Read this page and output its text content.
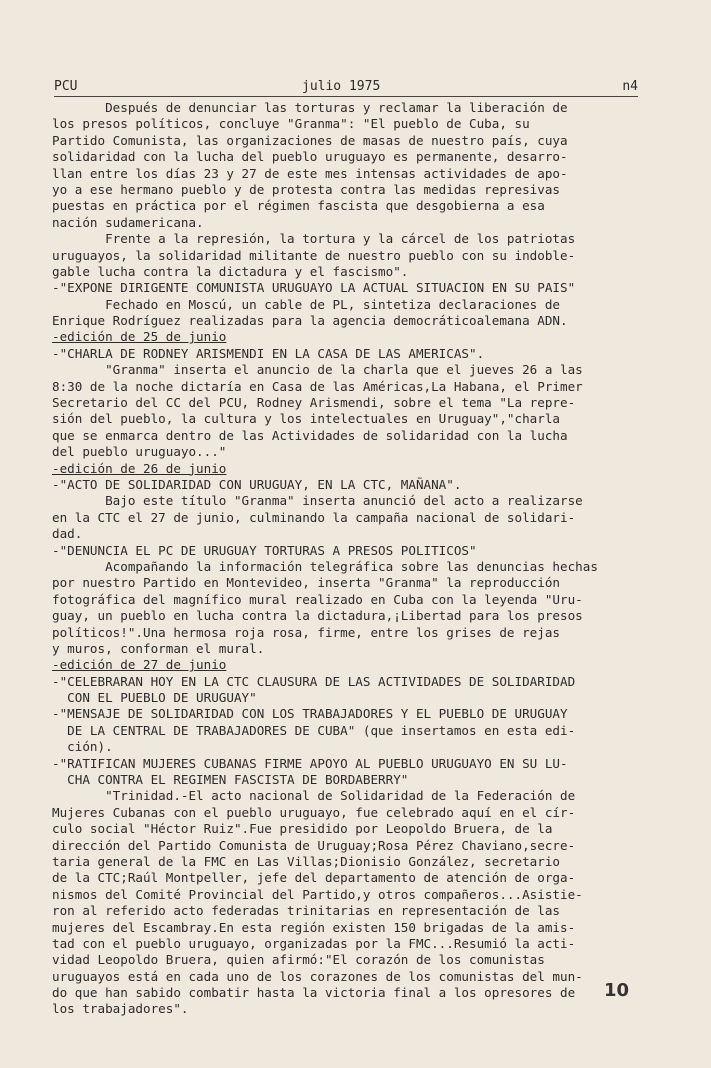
PCU	julio 1975	n4
Después de denunciar las torturas y reclamar la liberación de
los presos políticos, concluye "Granma": "El pueblo de Cuba, su
Partido Comunista, las organizaciones de masas de nuestro país, cuya
solidaridad con la lucha del pueblo uruguayo es permanente, desarro-
llan entre los días 23 y 27 de este mes intensas actividades de apo-
yo a ese hermano pueblo y de protesta contra las medidas represivas
puestas en práctica por el régimen fascista que desgobierna a esa
nación sudamericana.
Frente a la represión, la tortura y la cárcel de los patriotas
uruguayos, la solidaridad militante de nuestro pueblo con su indoble-
gable lucha contra la dictadura y el fascismo".
-"EXPONE DIRIGENTE COMUNISTA URUGUAYO LA ACTUAL SITUACION EN SU PAIS"
Fechado en Moscú, un cable de PL, sintetiza declaraciones de
Enrique Rodríguez realizadas para la agencia democráticoalemana ADN.
-edición de 25 de junio
-"CHARLA DE RODNEY ARISMENDI EN LA CASA DE LAS AMERICAS".
"Granma" inserta el anuncio de la charla que el jueves 26 a las
8:30 de la noche dictaría en Casa de las Américas,La Habana, el Primer
Secretario del CC del PCU, Rodney Arismendi, sobre el tema "La repre-
sión del pueblo, la cultura y los intelectuales en Uruguay","charla
que se enmarca dentro de las Actividades de solidaridad con la lucha
del pueblo uruguayo..."
-edición de 26 de junio
-"ACTO DE SOLIDARIDAD CON URUGUAY, EN LA CTC, MAÑANA".
Bajo este título "Granma" inserta anunció del acto a realizarse
en la CTC el 27 de junio, culminando la campaña nacional de solidari-
dad.
-"DENUNCIA EL PC DE URUGUAY TORTURAS A PRESOS POLITICOS"
Acompañando la información telegráfica sobre las denuncias hechas
por nuestro Partido en Montevideo, inserta "Granma" la reproducción
fotográfica del magnífico mural realizado en Cuba con la leyenda "Uru-
guay, un pueblo en lucha contra la dictadura,¡Libertad para los presos
políticos!".Una hermosa roja rosa, firme, entre los grises de rejas
y muros, conforman el mural.
-edición de 27 de junio
-"CELEBRARAN HOY EN LA CTC CLAUSURA DE LAS ACTIVIDADES DE SOLIDARIDAD
CON EL PUEBLO DE URUGUAY"
-"MENSAJE DE SOLIDARIDAD CON LOS TRABAJADORES Y EL PUEBLO DE URUGUAY
DE LA CENTRAL DE TRABAJADORES DE CUBA" (que insertamos en esta edi-
ción).
-"RATIFICAN MUJERES CUBANAS FIRME APOYO AL PUEBLO URUGUAYO EN SU LU-
CHA CONTRA EL REGIMEN FASCISTA DE BORDABERRY"
"Trinidad.-El acto nacional de Solidaridad de la Federación de
Mujeres Cubanas con el pueblo uruguayo, fue celebrado aquí en el cír-
culo social "Héctor Ruiz".Fue presidido por Leopoldo Bruera, de la
dirección del Partido Comunista de Uruguay;Rosa Pérez Chaviano,secre-
taria general de la FMC en Las Villas;Dionisio González, secretario
de la CTC;Raúl Montpeller, jefe del departamento de atención de orga-
nismos del Comité Provincial del Partido,y otros compañeros...Asistie-
ron al referido acto federadas trinitarias en representación de las
mujeres del Escambray.En esta región existen 150 brigadas de la amis-
tad con el pueblo uruguayo, organizadas por la FMC...Resumió la acti-
vidad Leopoldo Bruera, quien afirmó:"El corazón de los comunistas
uruguayos está en cada uno de los corazones de los comunistas del mun-
do que han sabido combatir hasta la victoria final a los opresores de
los trabajadores".
10
